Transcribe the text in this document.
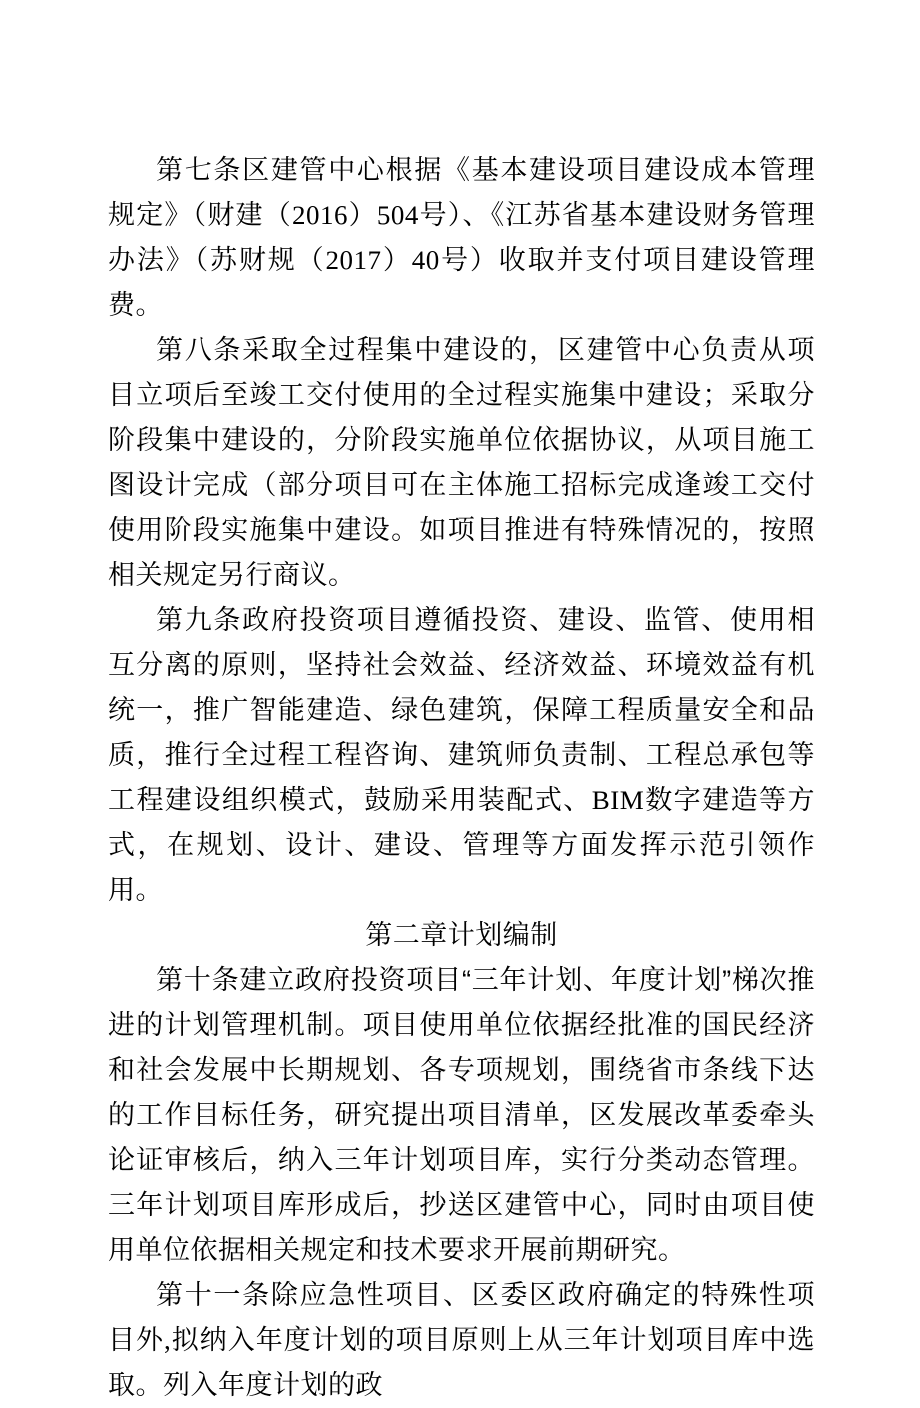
第七条区建管中心根据《基本建设项目建设成本管理规定》（财建（2016）504号）、《江苏省基本建设财务管理办法》（苏财规（2017）40号）收取并支付项目建设管理费。

第八条采取全过程集中建设的，区建管中心负责从项目立项后至竣工交付使用的全过程实施集中建设；采取分阶段集中建设的，分阶段实施单位依据协议，从项目施工图设计完成（部分项目可在主体施工招标完成逢竣工交付使用阶段实施集中建设。如项目推进有特殊情况的，按照相关规定另行商议。

第九条政府投资项目遵循投资、建设、监管、使用相互分离的原则，坚持社会效益、经济效益、环境效益有机统一，推广智能建造、绿色建筑，保障工程质量安全和品质，推行全过程工程咨询、建筑师负责制、工程总承包等工程建设组织模式，鼓励采用装配式、BIM数字建造等方式，在规划、设计、建设、管理等方面发挥示范引领作用。

第二章计划编制

第十条建立政府投资项目“三年计划、年度计划”梯次推进的计划管理机制。项目使用单位依据经批准的国民经济和社会发展中长期规划、各专项规划，围绕省市条线下达的工作目标任务，研究提出项目清单，区发展改革委牵头论证审核后，纳入三年计划项目库，实行分类动态管理。三年计划项目库形成后，抄送区建管中心，同时由项目使用单位依据相关规定和技术要求开展前期研究。

第十一条除应急性项目、区委区政府确定的特殊性项目外,拟纳入年度计划的项目原则上从三年计划项目库中选取。列入年度计划的政
